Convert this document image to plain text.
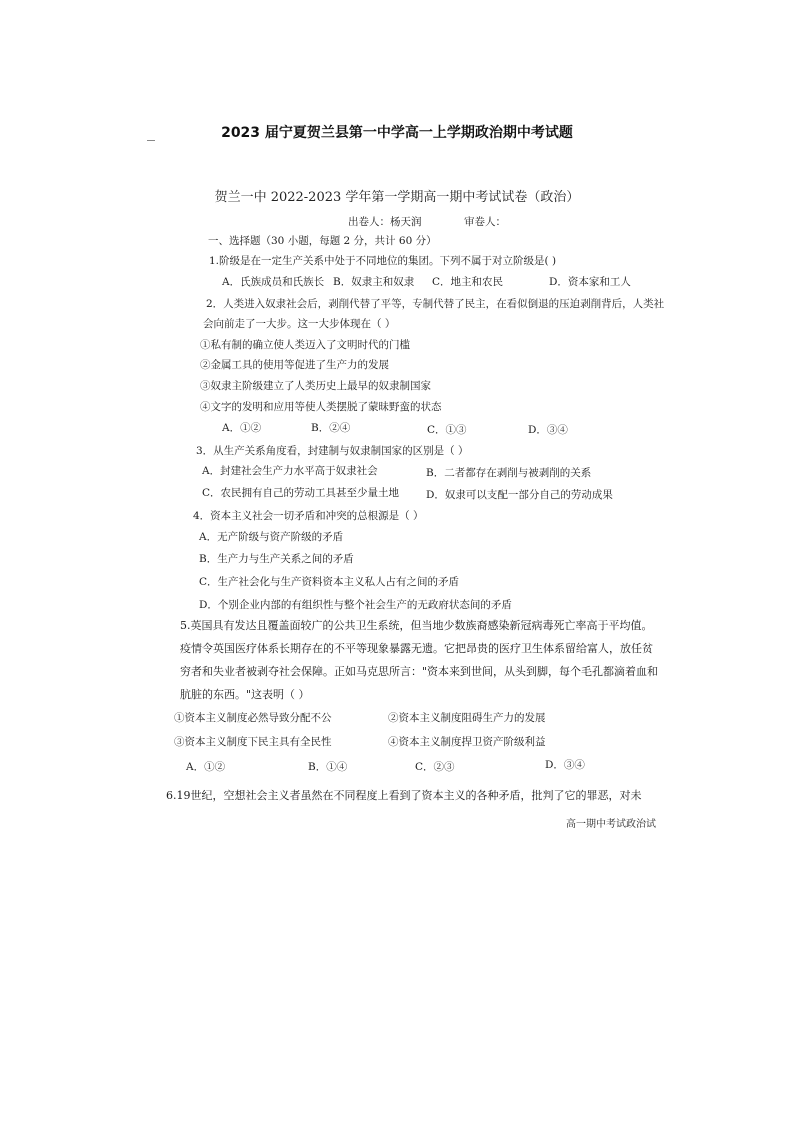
2023 届宁夏贺兰县第一中学高一上学期政治期中考试题
贺兰一中 2022-2023 学年第一学期高一期中考试试卷（政治）
出卷人：杨天润	审卷人：
一、选择题（30 小题，每题 2 分，共计 60 分）
1.阶级是在一定生产关系中处于不同地位的集团。下列不属于对立阶级是( )
A．氏族成员和氏族长 B．奴隶主和奴隶 C．地主和农民	D．资本家和工人
2．人类进入奴隶社会后，剥削代替了平等，专制代替了民主，在看似倒退的压迫剥削背后，人类社
会向前走了一大步。这一大步体现在（ ）
①私有制的确立使人类迈入了文明时代的门槛
②金属工具的使用等促进了生产力的发展
③奴隶主阶级建立了人类历史上最早的奴隶制国家
④文字的发明和应用等使人类摆脱了蒙昧野蛮的状态
A．①②	B．②④	C．①③	D．③④
3．从生产关系角度看，封建制与奴隶制国家的区别是（ ）
A．封建社会生产力水平高于奴隶社会	B．二者都存在剥削与被剥削的关系
C．农民拥有自己的劳动工具甚至少量土地	D．奴隶可以支配一部分自己的劳动成果
4．资本主义社会一切矛盾和冲突的总根源是（ ）
A．无产阶级与资产阶级的矛盾
B．生产力与生产关系之间的矛盾
C．生产社会化与生产资料资本主义私人占有之间的矛盾
D．个别企业内部的有组织性与整个社会生产的无政府状态间的矛盾
5.英国具有发达且覆盖面较广的公共卫生系统，但当地少数族裔感染新冠病毒死亡率高于平均值。
疫情令英国医疗体系长期存在的不平等现象暴露无遗。它把昂贵的医疗卫生体系留给富人，放任贫
穷者和失业者被剥夺社会保障。正如马克思所言："资本来到世间，从头到脚，每个毛孔都滴着血和
肮脏的东西。"这表明（ ）
①资本主义制度必然导致分配不公	②资本主义制度阻碍生产力的发展
③资本主义制度下民主具有全民性	④资本主义制度捍卫资产阶级利益
A．①②	B．①④	C．②③	D．③④
6.19世纪，空想社会主义者虽然在不同程度上看到了资本主义的各种矛盾，批判了它的罪恶，对未
高一期中考试政治试
